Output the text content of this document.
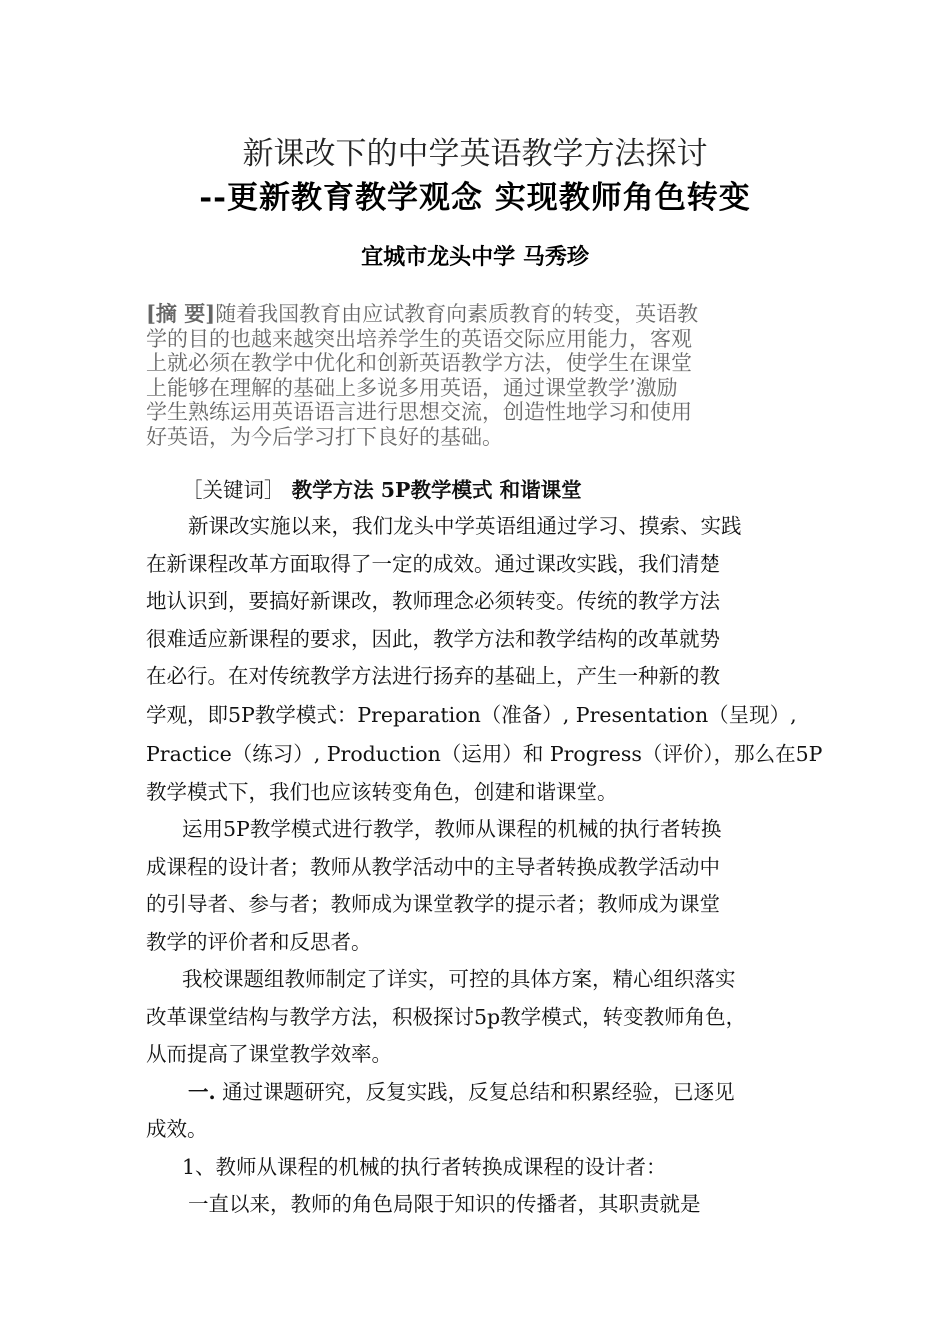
新课改下的中学英语教学方法探讨
--更新教育教学观念 实现教师角色转变
宜城市龙头中学 马秀珍
[摘 要]随着我国教育由应试教育向素质教育的转变，英语教
学的目的也越来越突出培养学生的英语交际应用能力，客观
上就必须在教学中优化和创新英语教学方法，使学生在课堂
上能够在理解的基础上多说多用英语，通过课堂教学’激励
学生熟练运用英语语言进行思想交流，创造性地学习和使用
好英语，为今后学习打下良好的基础。
［关键词］ 教学方法 5P教学模式 和谐课堂
新课改实施以来，我们龙头中学英语组通过学习、摸索、实践
在新课程改革方面取得了一定的成效。通过课改实践，我们清楚
地认识到，要搞好新课改，教师理念必须转变。传统的教学方法
很难适应新课程的要求，因此，教学方法和教学结构的改革就势
在必行。在对传统教学方法进行扬弃的基础上，产生一种新的教
学观，即5P教学模式：Preparation（准备）, Presentation（呈现）,
Practice（练习）, Production（运用）和 Progress（评价），那么在5P
教学模式下，我们也应该转变角色，创建和谐课堂。
运用5P教学模式进行教学，教师从课程的机械的执行者转换
成课程的设计者；教师从教学活动中的主导者转换成教学活动中
的引导者、参与者；教师成为课堂教学的提示者；教师成为课堂
教学的评价者和反思者。
我校课题组教师制定了详实，可控的具体方案，精心组织落实
改革课堂结构与教学方法，积极探讨5p教学模式，转变教师角色，
从而提高了课堂教学效率。
一. 通过课题研究，反复实践，反复总结和积累经验，已逐见
成效。
1、教师从课程的机械的执行者转换成课程的设计者：
一直以来，教师的角色局限于知识的传播者，其职责就是
